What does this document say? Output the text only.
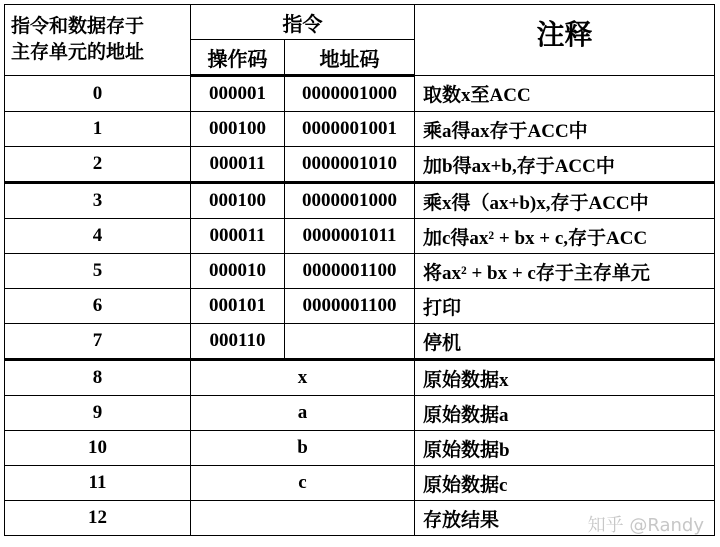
指令和数据存于
主存单元的地址	指令		注释
	操作码	地址码	
0	000001	0000001000	取数x至ACC
1	000100	0000001001	乘a得ax存于ACC中
2	000011	0000001010	加b得ax+b,存于ACC中
3	000100	0000001000	乘x得（ax+b)x,存于ACC中
4	000011	0000001011	加c得ax² + bx + c,存于ACC
5	000010	0000001100	将ax² + bx + c存于主存单元
6	000101	0000001100	打印
7	000110		停机
8	x		原始数据x
9	a		原始数据a
10	b		原始数据b
11	c		原始数据c
12			存放结果	知乎 @Randy
